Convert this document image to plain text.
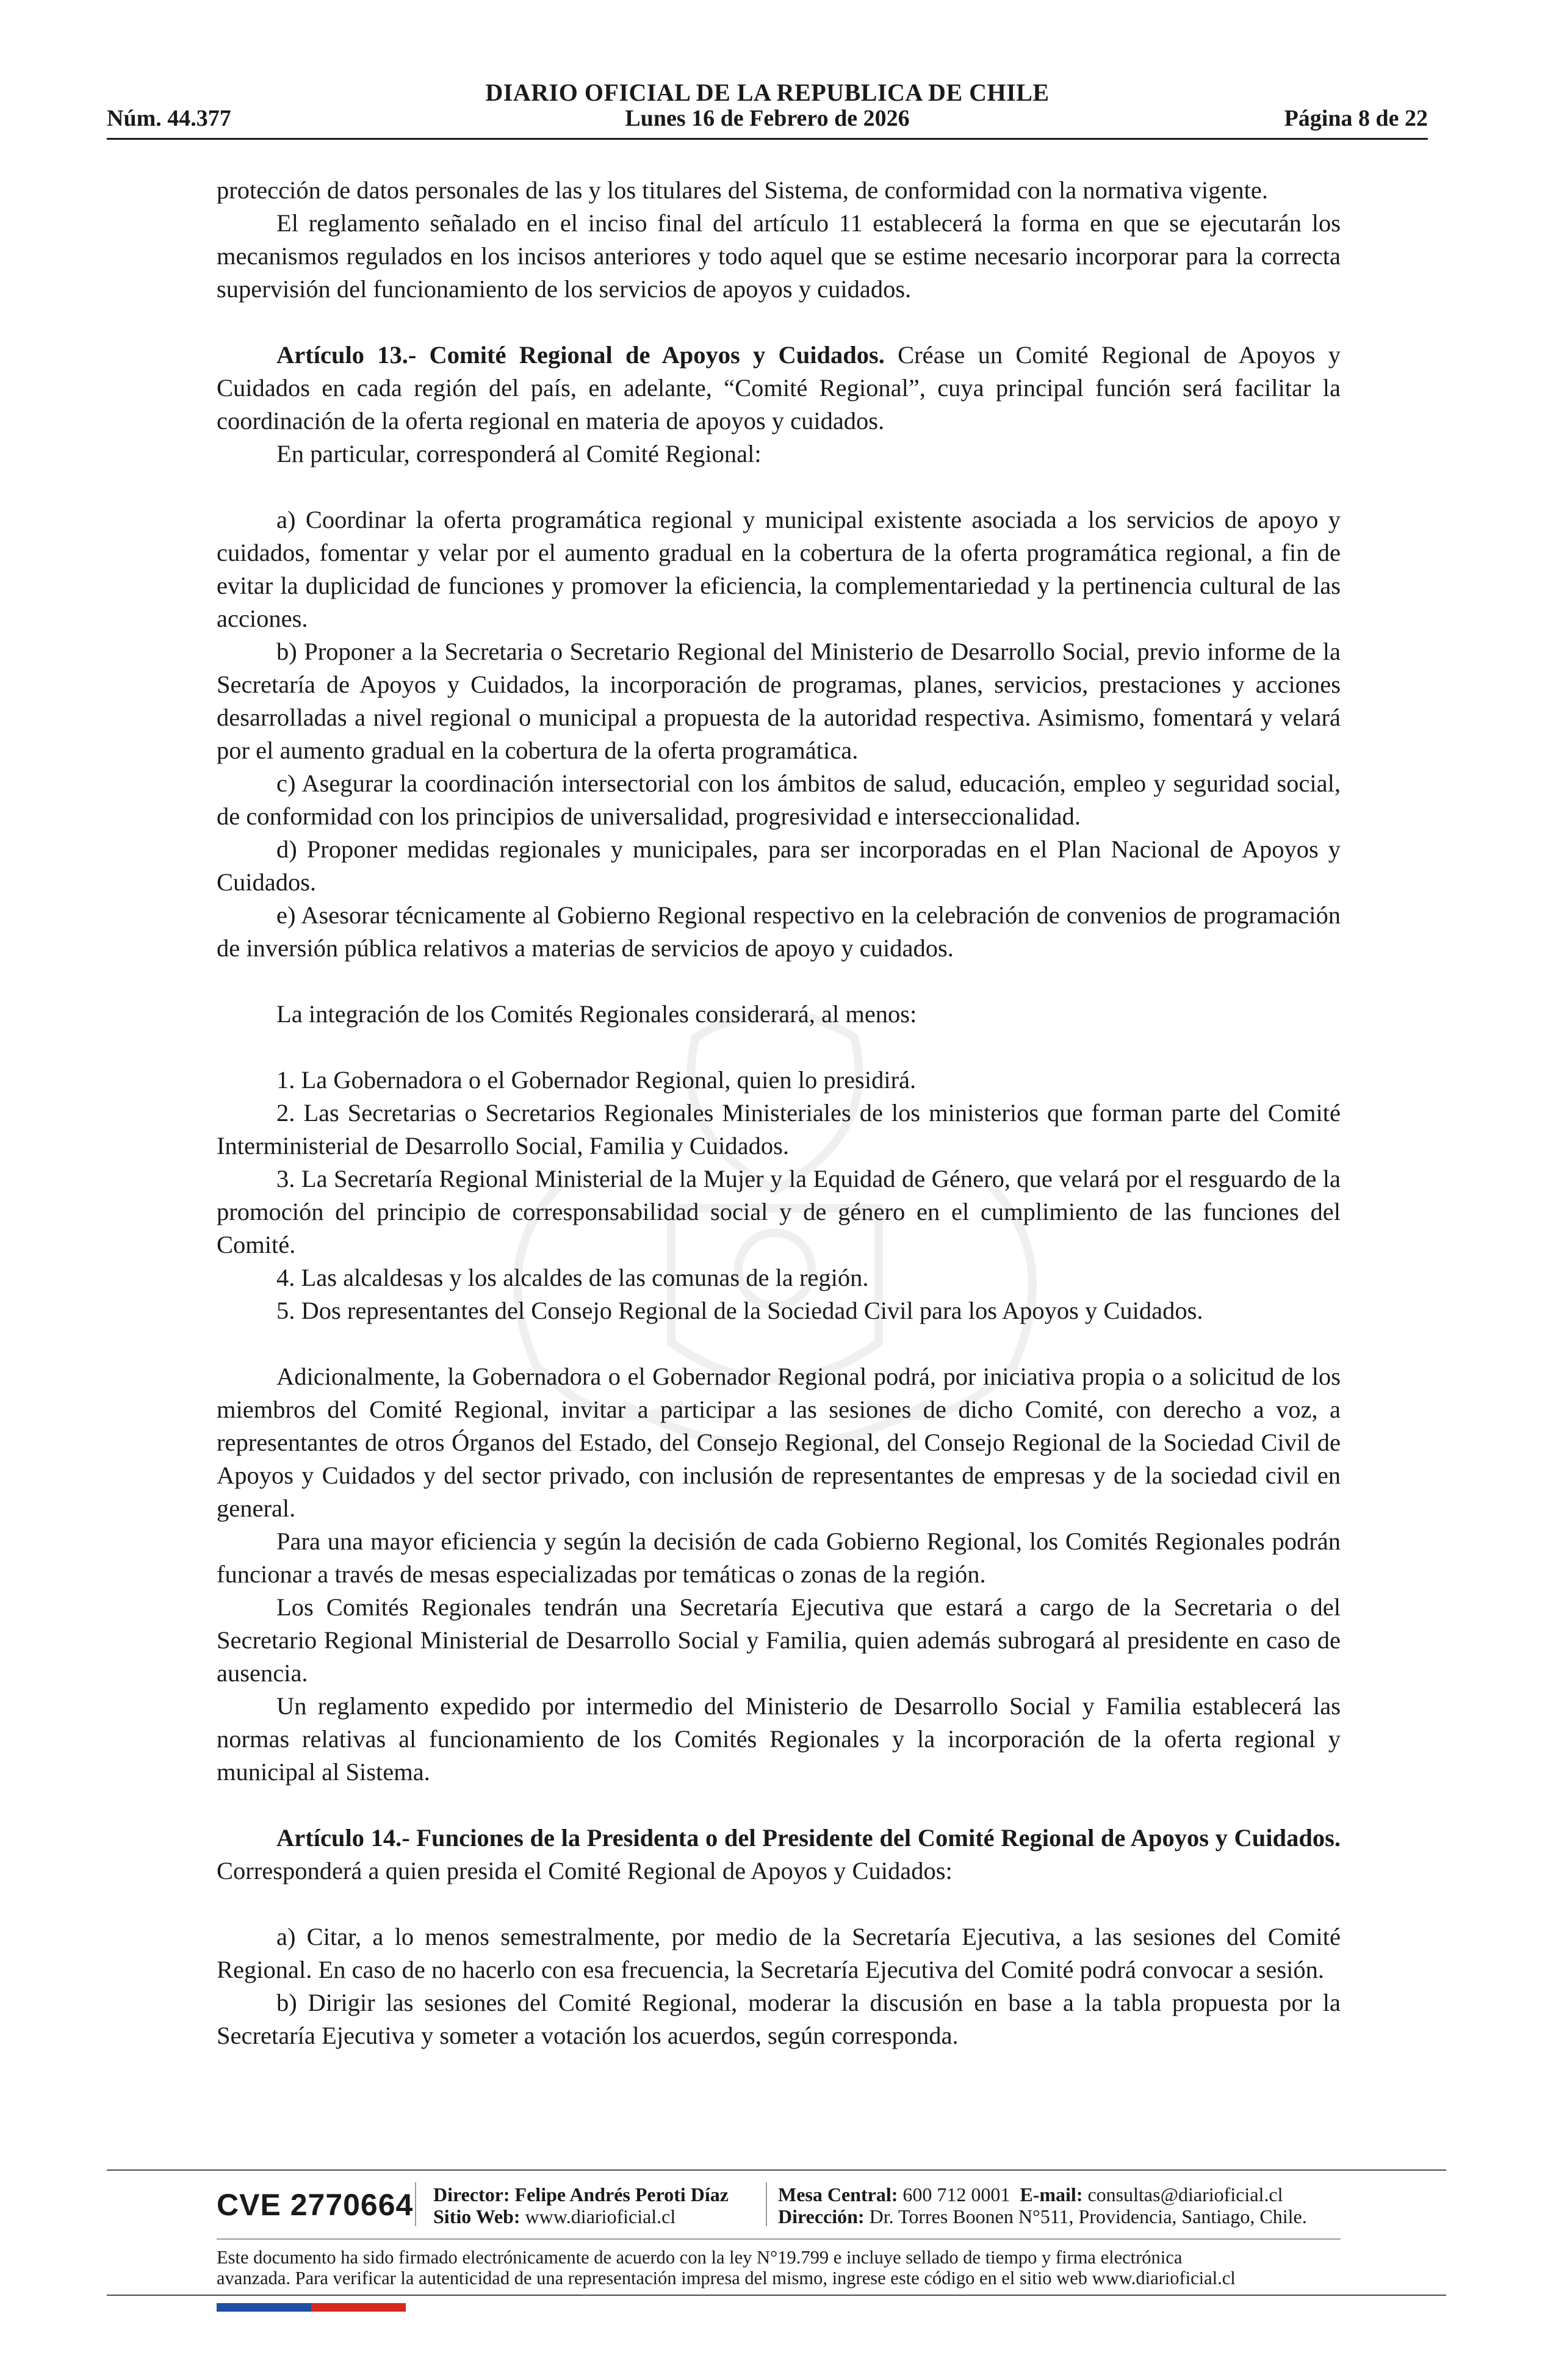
DIARIO OFICIAL DE LA REPUBLICA DE CHILE
Núm. 44.377	Lunes 16 de Febrero de 2026	Página 8 de 22

protección de datos personales de las y los titulares del Sistema, de conformidad con la normativa vigente.

El reglamento señalado en el inciso final del artículo 11 establecerá la forma en que se ejecutarán los mecanismos regulados en los incisos anteriores y todo aquel que se estime necesario incorporar para la correcta supervisión del funcionamiento de los servicios de apoyos y cuidados.

Artículo 13.- Comité Regional de Apoyos y Cuidados. Créase un Comité Regional de Apoyos y Cuidados en cada región del país, en adelante, “Comité Regional”, cuya principal función será facilitar la coordinación de la oferta regional en materia de apoyos y cuidados.

En particular, corresponderá al Comité Regional:

a) Coordinar la oferta programática regional y municipal existente asociada a los servicios de apoyo y cuidados, fomentar y velar por el aumento gradual en la cobertura de la oferta programática regional, a fin de evitar la duplicidad de funciones y promover la eficiencia, la complementariedad y la pertinencia cultural de las acciones.

b) Proponer a la Secretaria o Secretario Regional del Ministerio de Desarrollo Social, previo informe de la Secretaría de Apoyos y Cuidados, la incorporación de programas, planes, servicios, prestaciones y acciones desarrolladas a nivel regional o municipal a propuesta de la autoridad respectiva. Asimismo, fomentará y velará por el aumento gradual en la cobertura de la oferta programática.

c) Asegurar la coordinación intersectorial con los ámbitos de salud, educación, empleo y seguridad social, de conformidad con los principios de universalidad, progresividad e interseccionalidad.

d) Proponer medidas regionales y municipales, para ser incorporadas en el Plan Nacional de Apoyos y Cuidados.

e) Asesorar técnicamente al Gobierno Regional respectivo en la celebración de convenios de programación de inversión pública relativos a materias de servicios de apoyo y cuidados.

La integración de los Comités Regionales considerará, al menos:

1. La Gobernadora o el Gobernador Regional, quien lo presidirá.

2. Las Secretarias o Secretarios Regionales Ministeriales de los ministerios que forman parte del Comité Interministerial de Desarrollo Social, Familia y Cuidados.

3. La Secretaría Regional Ministerial de la Mujer y la Equidad de Género, que velará por el resguardo de la promoción del principio de corresponsabilidad social y de género en el cumplimiento de las funciones del Comité.

4. Las alcaldesas y los alcaldes de las comunas de la región.

5. Dos representantes del Consejo Regional de la Sociedad Civil para los Apoyos y Cuidados.

Adicionalmente, la Gobernadora o el Gobernador Regional podrá, por iniciativa propia o a solicitud de los miembros del Comité Regional, invitar a participar a las sesiones de dicho Comité, con derecho a voz, a representantes de otros Órganos del Estado, del Consejo Regional, del Consejo Regional de la Sociedad Civil de Apoyos y Cuidados y del sector privado, con inclusión de representantes de empresas y de la sociedad civil en general.

Para una mayor eficiencia y según la decisión de cada Gobierno Regional, los Comités Regionales podrán funcionar a través de mesas especializadas por temáticas o zonas de la región.

Los Comités Regionales tendrán una Secretaría Ejecutiva que estará a cargo de la Secretaria o del Secretario Regional Ministerial de Desarrollo Social y Familia, quien además subrogará al presidente en caso de ausencia.

Un reglamento expedido por intermedio del Ministerio de Desarrollo Social y Familia establecerá las normas relativas al funcionamiento de los Comités Regionales y la incorporación de la oferta regional y municipal al Sistema.

Artículo 14.- Funciones de la Presidenta o del Presidente del Comité Regional de Apoyos y Cuidados. Corresponderá a quien presida el Comité Regional de Apoyos y Cuidados:

a) Citar, a lo menos semestralmente, por medio de la Secretaría Ejecutiva, a las sesiones del Comité Regional. En caso de no hacerlo con esa frecuencia, la Secretaría Ejecutiva del Comité podrá convocar a sesión.

b) Dirigir las sesiones del Comité Regional, moderar la discusión en base a la tabla propuesta por la Secretaría Ejecutiva y someter a votación los acuerdos, según corresponda.

CVE 2770664 Director: Felipe Andrés Peroti Díaz
Sitio Web: www.diarioficial.cl
Mesa Central: 600 712 0001 E-mail: consultas@diarioficial.cl
Dirección: Dr. Torres Boonen N°511, Providencia, Santiago, Chile.
Este documento ha sido firmado electrónicamente de acuerdo con la ley N°19.799 e incluye sellado de tiempo y firma electrónica
avanzada. Para verificar la autenticidad de una representación impresa del mismo, ingrese este código en el sitio web www.diarioficial.cl
